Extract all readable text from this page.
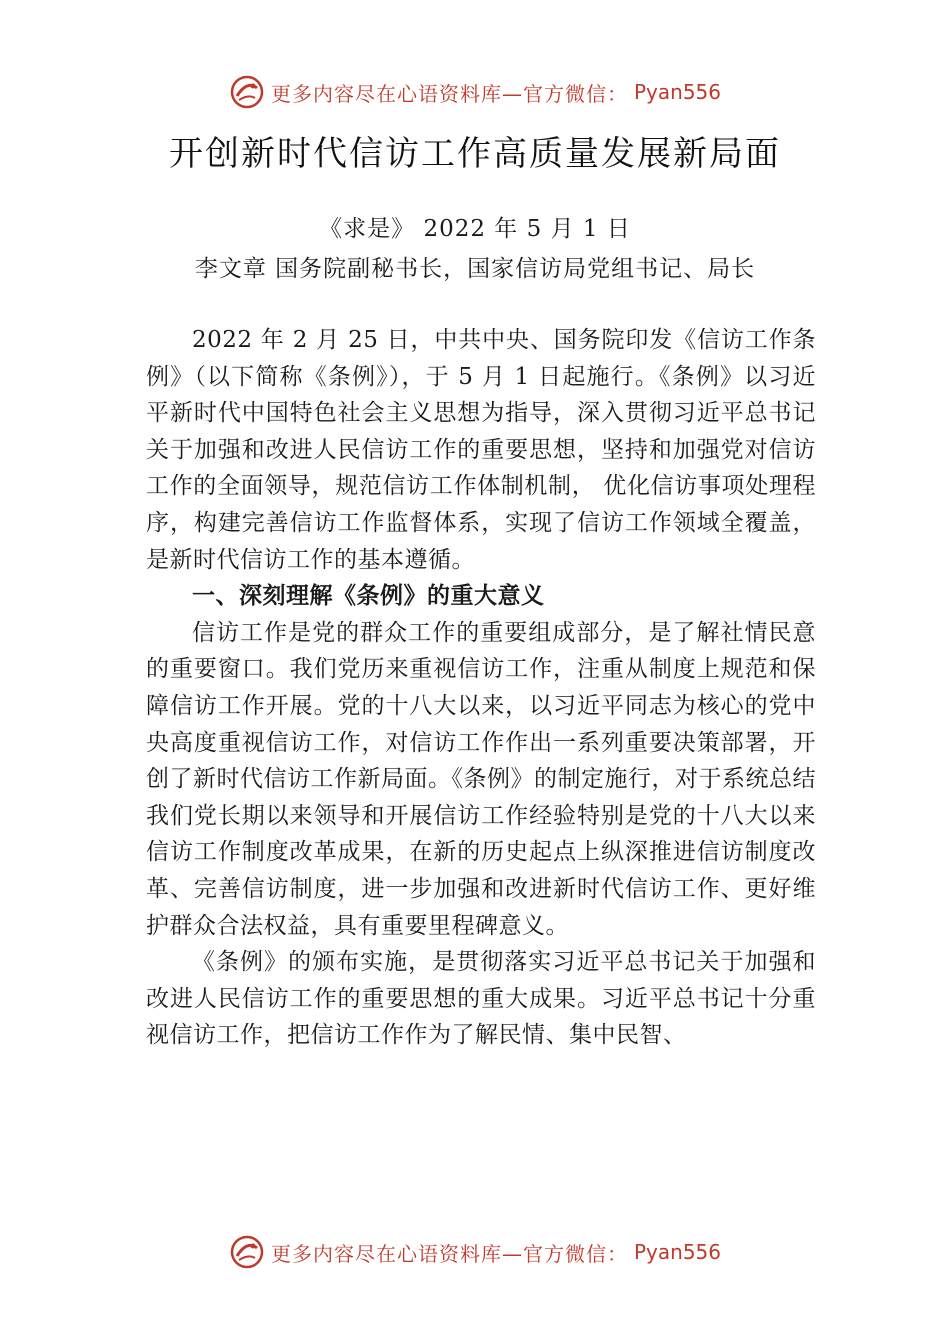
更多内容尽在心语资料库—官方微信： Pyan556
开创新时代信访工作高质量发展新局面
《求是》 2022 年 5 月 1 日
李文章 国务院副秘书长，国家信访局党组书记、局长

2022 年 2 月 25 日，中共中央、国务院印发《信访工作条例》（以下简称《条例》），于 5 月 1 日起施行。《条例》以习近平新时代中国特色社会主义思想为指导，深入贯彻习近平总书记关于加强和改进人民信访工作的重要思想，坚持和加强党对信访工作的全面领导，规范信访工作体制机制， 优化信访事项处理程序，构建完善信访工作监督体系，实现了信访工作领域全覆盖，是新时代信访工作的基本遵循。

一、深刻理解《条例》的重大意义

信访工作是党的群众工作的重要组成部分，是了解社情民意的重要窗口。我们党历来重视信访工作，注重从制度上规范和保障信访工作开展。党的十八大以来，以习近平同志为核心的党中央高度重视信访工作，对信访工作作出一系列重要决策部署，开创了新时代信访工作新局面。《条例》的制定施行，对于系统总结我们党长期以来领导和开展信访工作经验特别是党的十八大以来信访工作制度改革成果，在新的历史起点上纵深推进信访制度改革、完善信访制度，进一步加强和改进新时代信访工作、更好维护群众合法权益，具有重要里程碑意义。

《条例》的颁布实施，是贯彻落实习近平总书记关于加强和改进人民信访工作的重要思想的重大成果。习近平总书记十分重视信访工作，把信访工作作为了解民情、集中民智、

更多内容尽在心语资料库—官方微信： Pyan556
